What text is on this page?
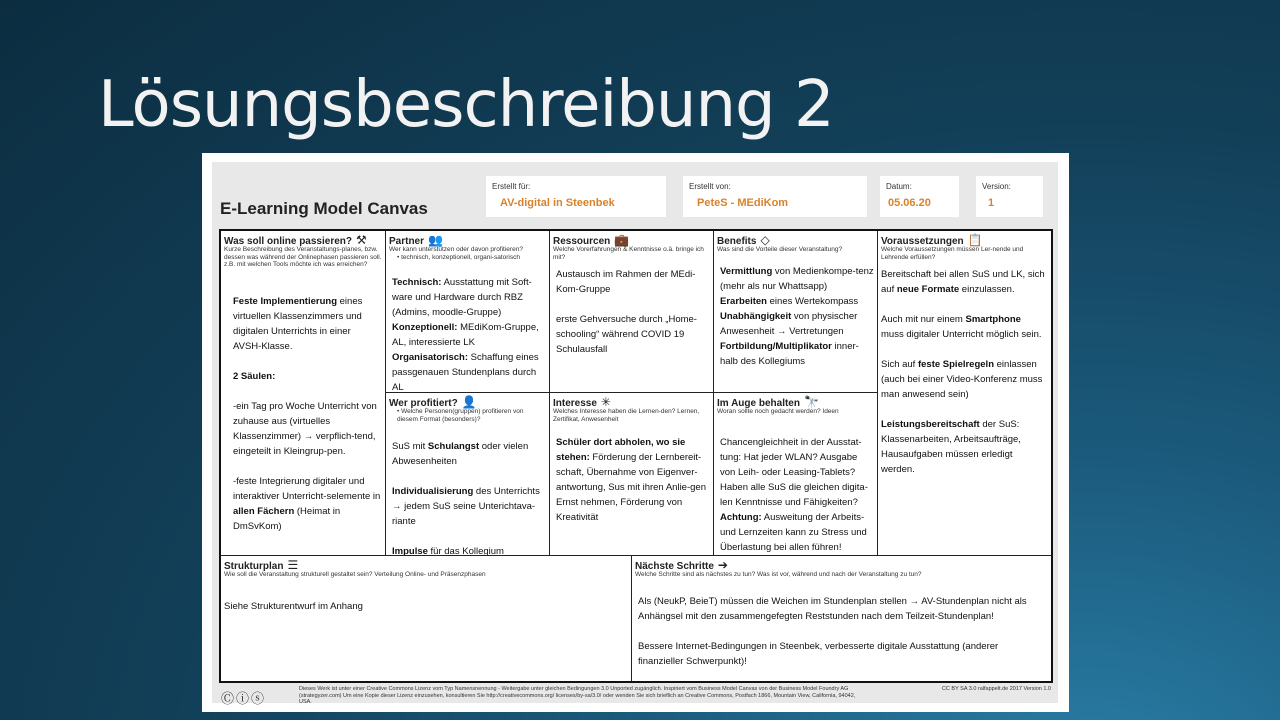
Lösungsbeschreibung 2
E-Learning Model Canvas
Erstellt für:
AV-digital in Steenbek
Erstellt von:
PeteS - MEdiKom
Datum:
05.06.20
Version:
1
Was soll online passieren? ⚒
Kurze Beschreibung des Veranstaltungs-planes, bzw. dessen was während der Onlinephasen passieren soll. z.B. mit welchen Tools möchte ich was erreichen?

Feste Implementierung eines virtuellen Klassenzimmers und digitalen Unterrichts in einer AVSH-Klasse.

2 Säulen:

-ein Tag pro Woche Unterricht von zuhause aus (virtuelles Klassenzimmer) → verpflich-tend, eingeteilt in Kleingrup-pen.

-feste Integrierung digitaler und interaktiver Unterricht-selemente in allen Fächern (Heimat in DmSvKom)

Partner 👥
Wer kann unterstützen oder davon profitieren?
• technisch, konzeptionell, organi-satorisch

Technisch: Ausstattung mit Soft-ware und Hardware durch RBZ (Admins, moodle-Gruppe)

Konzeptionell: MEdiKom-Gruppe, AL, interessierte LK

Organisatorisch: Schaffung eines passgenauen Stundenplans durch AL

Ressourcen 💼
Welche Vorerfahrungen & Kenntnisse o.ä. bringe ich mit?

Austausch im Rahmen der MEdi-Kom-Gruppe

erste Gehversuche durch „Home-schooling“ während COVID 19 Schulausfall

Benefits ◇
Was sind die Vorteile dieser Veranstaltung?

Vermittlung von Medienkompe-tenz (mehr als nur Whattsapp)

Erarbeiten eines Wertekompass

Unabhängigkeit von physischer Anwesenheit → Vertretungen

Fortbildung/Multiplikator inner-halb des Kollegiums

Voraussetzungen 📋
Welche Voraussetzungen müssen Ler-nende und Lehrende erfüllen?

Bereitschaft bei allen SuS und LK, sich auf neue Formate einzulassen.

Auch mit nur einem Smartphone muss digitaler Unterricht möglich sein.

Sich auf feste Spielregeln einlassen (auch bei einer Video-Konferenz muss man anwesend sein)

Leistungsbereitschaft der SuS: Klassenarbeiten, Arbeitsaufträge, Hausaufgaben müssen erledigt werden.

Wer profitiert? 👤
• Welche Personen(gruppen) profitieren von diesem Format (besonders)?

SuS mit Schulangst oder vielen Abwesenheiten

Individualisierung des Unterrichts → jedem SuS seine Unterichtava-riante

Impulse für das Kollegium

Interesse ✳
Welches Interesse haben die Lernen-den? Lernen, Zertifikat, Anwesenheit

Schüler dort abholen, wo sie stehen: Förderung der Lernbereit-schaft, Übernahme von Eigenver-antwortung, Sus mit ihren Anlie-gen Ernst nehmen, Förderung von Kreativität

Im Auge behalten 🔭
Woran sollte noch gedacht werden? Ideen

Chancengleichheit in der Ausstat-tung: Hat jeder WLAN? Ausgabe von Leih- oder Leasing-Tablets? Haben alle SuS die gleichen digita-len Kenntnisse und Fähigkeiten?

Achtung: Ausweitung der Arbeits- und Lernzeiten kann zu Stress und Überlastung bei allen führen!

Strukturplan ☰
Wie soll die Veranstaltung strukturell gestaltet sein? Verteilung Online- und Präsenzphasen

Siehe Strukturentwurf im Anhang

Nächste Schritte ➔
Welche Schritte sind als nächstes zu tun? Was ist vor, während und nach der Veranstaltung zu tun?

Als (NeukP, BeieT) müssen die Weichen im Stundenplan stellen → AV-Stundenplan nicht als Anhängsel mit den zusammengefegten Reststunden nach dem Teilzeit-Stundenplan!

Bessere Internet-Bedingungen in Steenbek, verbesserte digitale Ausstattung (anderer finanzieller Schwerpunkt)!

Ⓒⓘⓢ
Dieses Werk ist unter einer Creative Commons Lizenz vom Typ Namensnennung - Weitergabe unter gleichen Bedingungen 3.0 Unported zugänglich. Inspiriert vom Business Model Canvas von der Business Model Foundry AG (strategyzer.com) Um eine Kopie dieser Lizenz einzusehen, konsultieren Sie http://creativecommons.org/ licenses/by-sa/3.0/ oder wenden Sie sich brieflich an Creative Commons, Postfach 1866, Mountain View, California, 94042, USA.
CC BY SA 3.0 ralfappelt.de 2017 Version 1.0
